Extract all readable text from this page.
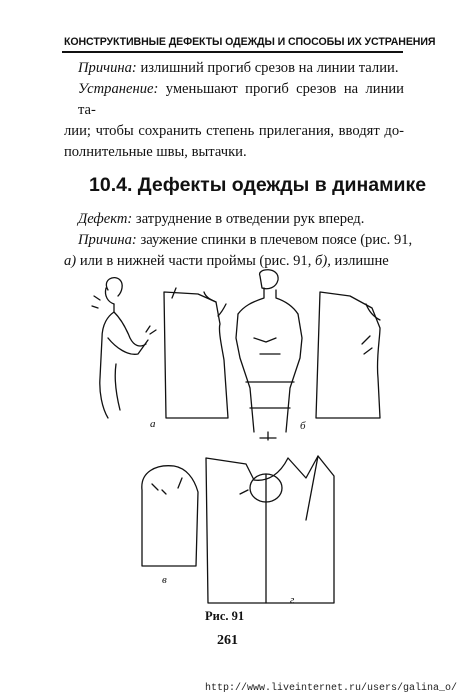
КОНСТРУКТИВНЫЕ ДЕФЕКТЫ ОДЕЖДЫ И СПОСОБЫ ИХ УСТРАНЕНИЯ
Причина: излишний прогиб срезов на линии талии.
Устранение: уменьшают прогиб срезов на линии та-
лии; чтобы сохранить степень прилегания, вводят до-
полнительные швы, вытачки.
10.4. Дефекты одежды в динамике
Дефект: затруднение в отведении рук вперед.
Причина: заужение спинки в плечевом поясе (рис. 91,
а) или в нижней части проймы (рис. 91, б), излишне
а	б
в
г
Рис. 91
261
http://www.liveinternet.ru/users/galina_o/
